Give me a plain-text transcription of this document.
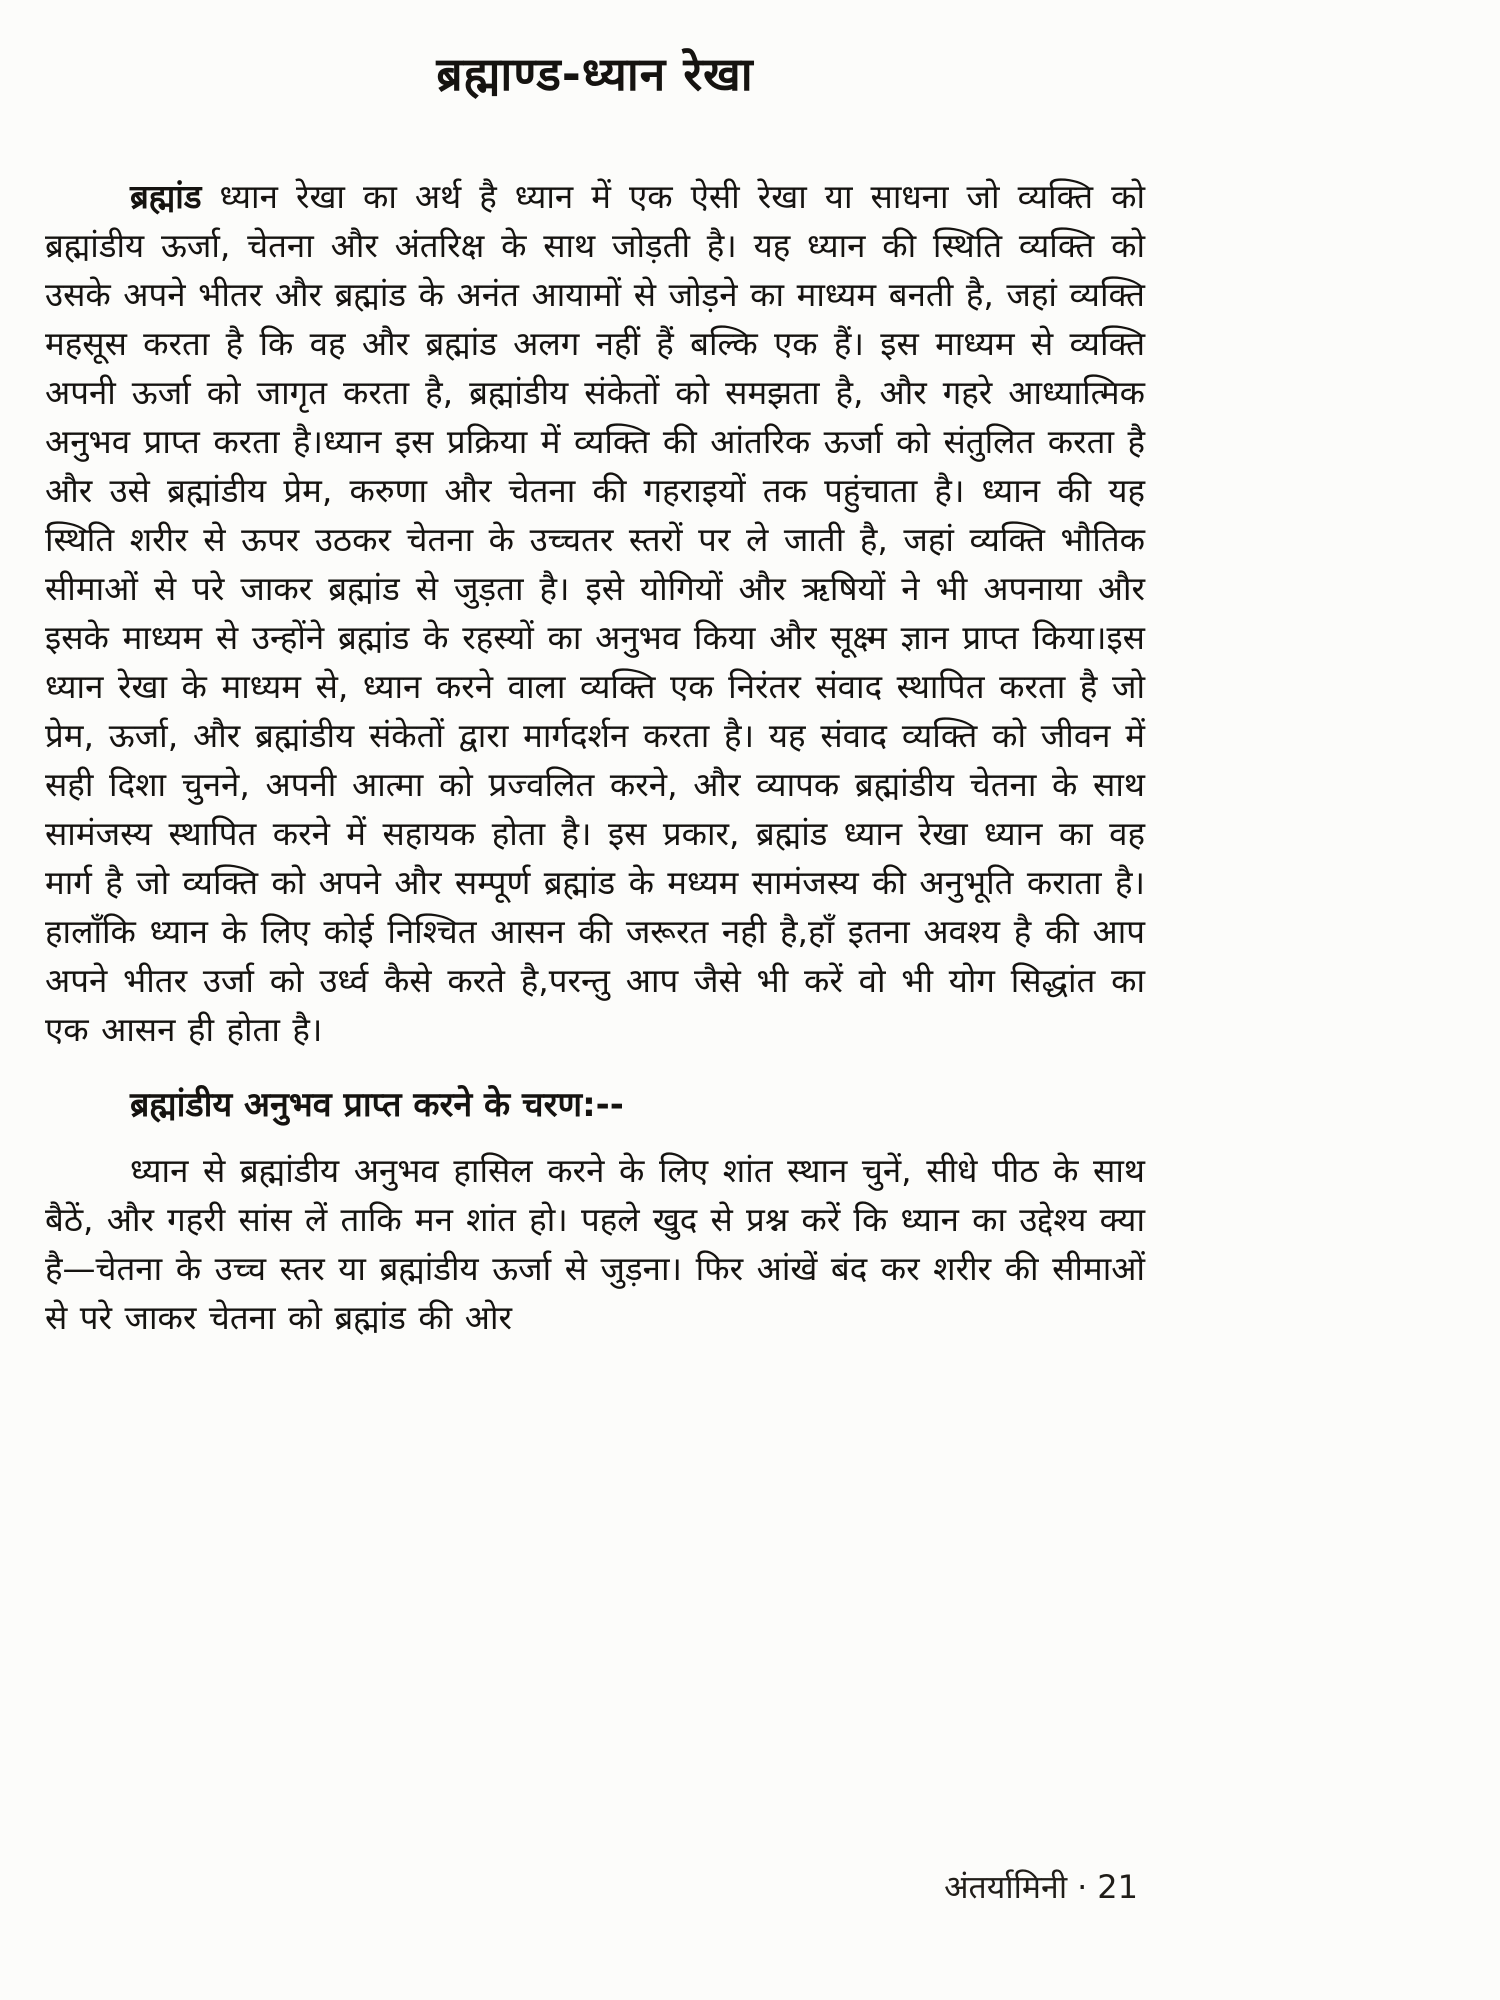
ब्रह्माण्ड-ध्यान रेखा

ब्रह्मांड ध्यान रेखा का अर्थ है ध्यान में एक ऐसी रेखा या साधना जो व्यक्ति को ब्रह्मांडीय ऊर्जा, चेतना और अंतरिक्ष के साथ जोड़ती है। यह ध्यान की स्थिति व्यक्ति को उसके अपने भीतर और ब्रह्मांड के अनंत आयामों से जोड़ने का माध्यम बनती है, जहां व्यक्ति महसूस करता है कि वह और ब्रह्मांड अलग नहीं हैं बल्कि एक हैं। इस माध्यम से व्यक्ति अपनी ऊर्जा को जागृत करता है, ब्रह्मांडीय संकेतों को समझता है, और गहरे आध्यात्मिक अनुभव प्राप्त करता है।ध्यान इस प्रक्रिया में व्यक्ति की आंतरिक ऊर्जा को संतुलित करता है और उसे ब्रह्मांडीय प्रेम, करुणा और चेतना की गहराइयों तक पहुंचाता है। ध्यान की यह स्थिति शरीर से ऊपर उठकर चेतना के उच्चतर स्तरों पर ले जाती है, जहां व्यक्ति भौतिक सीमाओं से परे जाकर ब्रह्मांड से जुड़ता है। इसे योगियों और ऋषियों ने भी अपनाया और इसके माध्यम से उन्होंने ब्रह्मांड के रहस्यों का अनुभव किया और सूक्ष्म ज्ञान प्राप्त किया।इस ध्यान रेखा के माध्यम से, ध्यान करने वाला व्यक्ति एक निरंतर संवाद स्थापित करता है जो प्रेम, ऊर्जा, और ब्रह्मांडीय संकेतों द्वारा मार्गदर्शन करता है। यह संवाद व्यक्ति को जीवन में सही दिशा चुनने, अपनी आत्मा को प्रज्वलित करने, और व्यापक ब्रह्मांडीय चेतना के साथ सामंजस्य स्थापित करने में सहायक होता है। इस प्रकार, ब्रह्मांड ध्यान रेखा ध्यान का वह मार्ग है जो व्यक्ति को अपने और सम्पूर्ण ब्रह्मांड के मध्यम सामंजस्य की अनुभूति कराता है।हालाँकि ध्यान के लिए कोई निश्चित आसन की जरूरत नही है,हाँ इतना अवश्य है की आप अपने भीतर उर्जा को उर्ध्व कैसे करते है,परन्तु आप जैसे भी करें वो भी योग सिद्धांत का एक आसन ही होता है।

ब्रह्मांडीय अनुभव प्राप्त करने के चरण:--

ध्यान से ब्रह्मांडीय अनुभव हासिल करने के लिए शांत स्थान चुनें, सीधे पीठ के साथ बैठें, और गहरी सांस लें ताकि मन शांत हो। पहले खुद से प्रश्न करें कि ध्यान का उद्देश्य क्या है—चेतना के उच्च स्तर या ब्रह्मांडीय ऊर्जा से जुड़ना। फिर आंखें बंद कर शरीर की सीमाओं से परे जाकर चेतना को ब्रह्मांड की ओर

अंतर्यामिनी · 21
